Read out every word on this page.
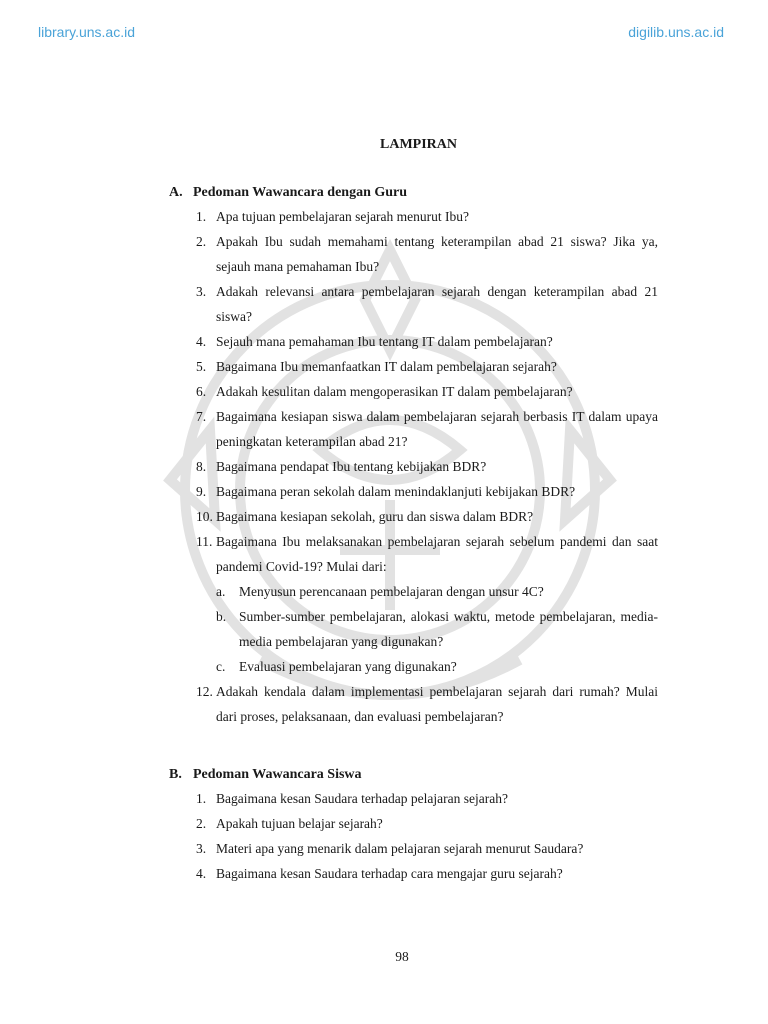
library.uns.ac.id	digilib.uns.ac.id
LAMPIRAN
A. Pedoman Wawancara dengan Guru
1. Apa tujuan pembelajaran sejarah menurut Ibu?
2. Apakah Ibu sudah memahami tentang keterampilan abad 21 siswa? Jika ya, sejauh mana pemahaman Ibu?
3. Adakah relevansi antara pembelajaran sejarah dengan keterampilan abad 21 siswa?
4. Sejauh mana pemahaman Ibu tentang IT dalam pembelajaran?
5. Bagaimana Ibu memanfaatkan IT dalam pembelajaran sejarah?
6. Adakah kesulitan dalam mengoperasikan IT dalam pembelajaran?
7. Bagaimana kesiapan siswa dalam pembelajaran sejarah berbasis IT dalam upaya peningkatan keterampilan abad 21?
8. Bagaimana pendapat Ibu tentang kebijakan BDR?
9. Bagaimana peran sekolah dalam menindaklanjuti kebijakan BDR?
10. Bagaimana kesiapan sekolah, guru dan siswa dalam BDR?
11. Bagaimana Ibu melaksanakan pembelajaran sejarah sebelum pandemi dan saat pandemi Covid-19? Mulai dari:
a.	Menyusun perencanaan pembelajaran dengan unsur 4C?
b. Sumber-sumber pembelajaran, alokasi waktu, metode pembelajaran, media-media pembelajaran yang digunakan?
c.	Evaluasi pembelajaran yang digunakan?
12. Adakah kendala dalam implementasi pembelajaran sejarah dari rumah? Mulai dari proses, pelaksanaan, dan evaluasi pembelajaran?
B. Pedoman Wawancara Siswa
1. Bagaimana kesan Saudara terhadap pelajaran sejarah?
2. Apakah tujuan belajar sejarah?
3. Materi apa yang menarik dalam pelajaran sejarah menurut Saudara?
4. Bagaimana kesan Saudara terhadap cara mengajar guru sejarah?
98
